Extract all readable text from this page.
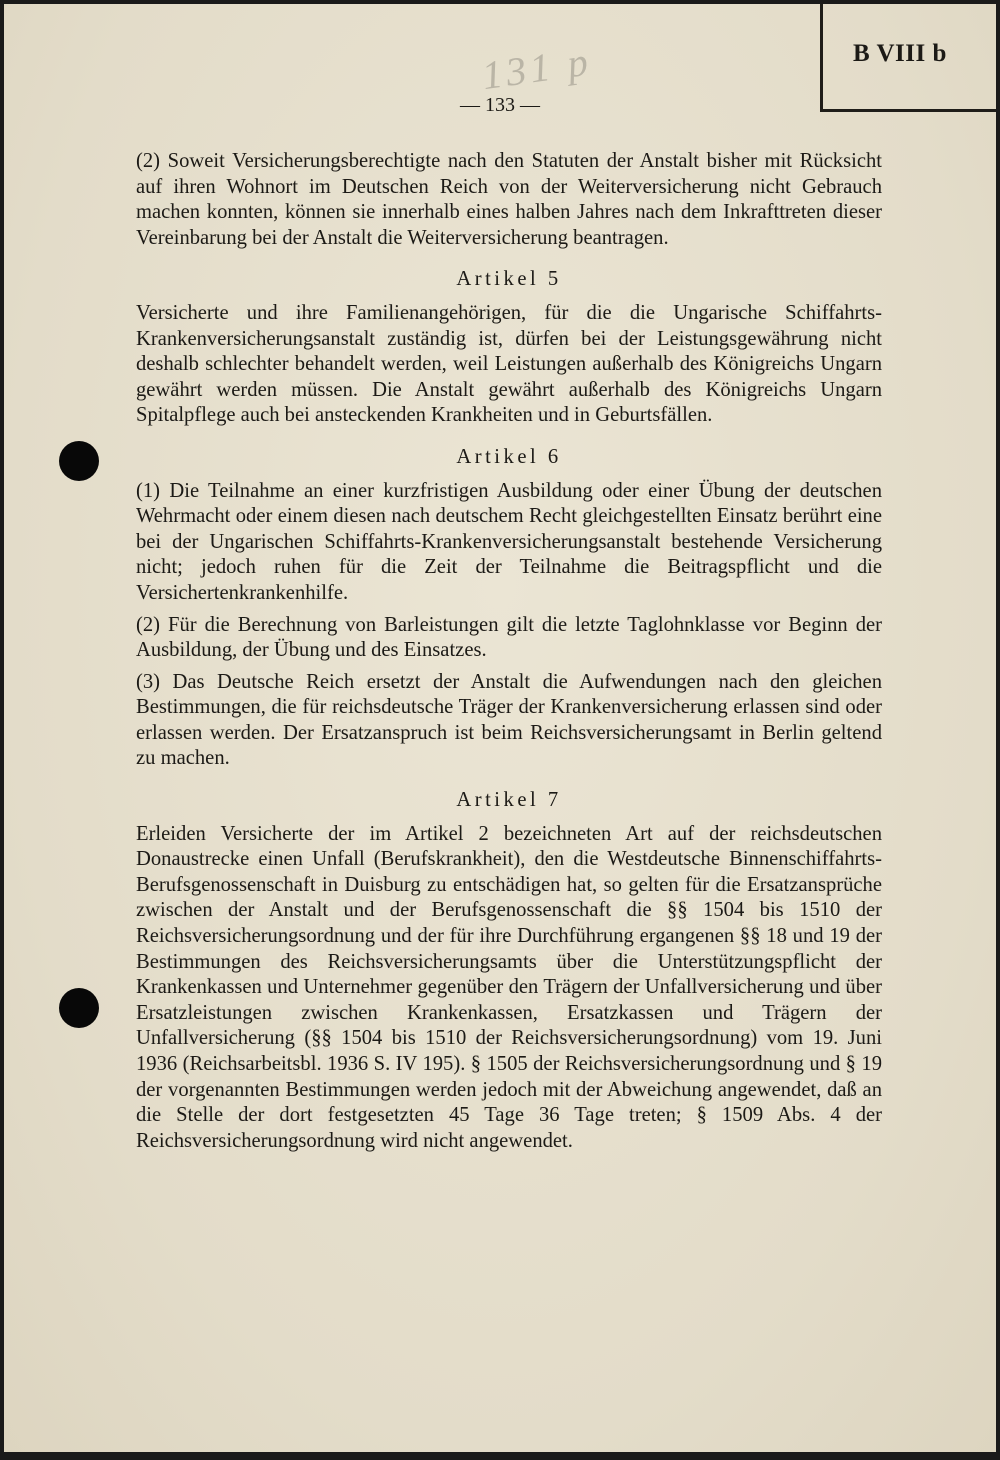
B VIII b
131 p
— 133 —

(2) Soweit Versicherungsberechtigte nach den Statuten der Anstalt bisher mit Rücksicht auf ihren Wohnort im Deutschen Reich von der Weiterversicherung nicht Gebrauch machen konnten, können sie innerhalb eines halben Jahres nach dem Inkrafttreten dieser Vereinbarung bei der Anstalt die Weiterversicherung beantragen.

Artikel 5

Versicherte und ihre Familienangehörigen, für die die Ungarische Schiffahrts-Krankenversicherungsanstalt zuständig ist, dürfen bei der Leistungsgewährung nicht deshalb schlechter behandelt werden, weil Leistungen außerhalb des Königreichs Ungarn gewährt werden müssen. Die Anstalt gewährt außerhalb des Königreichs Ungarn Spitalpflege auch bei ansteckenden Krankheiten und in Geburtsfällen.

Artikel 6

(1) Die Teilnahme an einer kurzfristigen Ausbildung oder einer Übung der deutschen Wehrmacht oder einem diesen nach deutschem Recht gleichgestellten Einsatz berührt eine bei der Ungarischen Schiffahrts-Krankenversicherungsanstalt bestehende Versicherung nicht; jedoch ruhen für die Zeit der Teilnahme die Beitragspflicht und die Versichertenkrankenhilfe.

(2) Für die Berechnung von Barleistungen gilt die letzte Taglohnklasse vor Beginn der Ausbildung, der Übung und des Einsatzes.

(3) Das Deutsche Reich ersetzt der Anstalt die Aufwendungen nach den gleichen Bestimmungen, die für reichsdeutsche Träger der Krankenversicherung erlassen sind oder erlassen werden. Der Ersatzanspruch ist beim Reichsversicherungsamt in Berlin geltend zu machen.

Artikel 7

Erleiden Versicherte der im Artikel 2 bezeichneten Art auf der reichsdeutschen Donaustrecke einen Unfall (Berufskrankheit), den die Westdeutsche Binnenschiffahrts-Berufsgenossenschaft in Duisburg zu entschädigen hat, so gelten für die Ersatzansprüche zwischen der Anstalt und der Berufsgenossenschaft die §§ 1504 bis 1510 der Reichsversicherungsordnung und der für ihre Durchführung ergangenen §§ 18 und 19 der Bestimmungen des Reichsversicherungsamts über die Unterstützungspflicht der Krankenkassen und Unternehmer gegenüber den Trägern der Unfallversicherung und über Ersatzleistungen zwischen Krankenkassen, Ersatzkassen und Trägern der Unfallversicherung (§§ 1504 bis 1510 der Reichsversicherungsordnung) vom 19. Juni 1936 (Reichsarbeitsbl. 1936 S. IV 195). § 1505 der Reichsversicherungsordnung und § 19 der vorgenannten Bestimmungen werden jedoch mit der Abweichung angewendet, daß an die Stelle der dort festgesetzten 45 Tage 36 Tage treten; § 1509 Abs. 4 der Reichsversicherungsordnung wird nicht angewendet.
